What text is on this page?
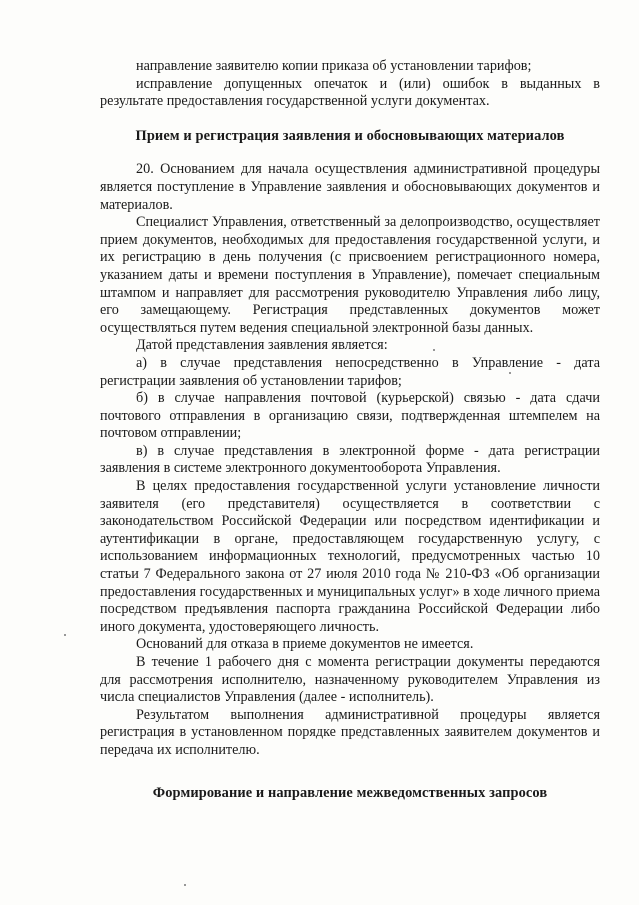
направление заявителю копии приказа об установлении тарифов;

исправление допущенных опечаток и (или) ошибок в выданных в результате предоставления государственной услуги документах.

Прием и регистрация заявления и обосновывающих материалов

20. Основанием для начала осуществления административной процедуры является поступление в Управление заявления и обосновывающих документов и материалов.

Специалист Управления, ответственный за делопроизводство, осуществляет прием документов, необходимых для предоставления государственной услуги, и их регистрацию в день получения (с присвоением регистрационного номера, указанием даты и времени поступления в Управление), помечает специальным штампом и направляет для рассмотрения руководителю Управления либо лицу, его замещающему. Регистрация представленных документов может осуществляться путем ведения специальной электронной базы данных.

Датой представления заявления является:

а) в случае представления непосредственно в Управление - дата регистрации заявления об установлении тарифов;

б) в случае направления почтовой (курьерской) связью - дата сдачи почтового отправления в организацию связи, подтвержденная штемпелем на почтовом отправлении;

в) в случае представления в электронной форме - дата регистрации заявления в системе электронного документооборота Управления.

В целях предоставления государственной услуги установление личности заявителя (его представителя) осуществляется в соответствии с законодательством Российской Федерации или посредством идентификации и аутентификации в органе, предоставляющем государственную услугу, с использованием информационных технологий, предусмотренных частью 10 статьи 7 Федерального закона от 27 июля 2010 года № 210-ФЗ «Об организации предоставления государственных и муниципальных услуг» в ходе личного приема посредством предъявления паспорта гражданина Российской Федерации либо иного документа, удостоверяющего личность.

Оснований для отказа в приеме документов не имеется.

В течение 1 рабочего дня с момента регистрации документы передаются для рассмотрения исполнителю, назначенному руководителем Управления из числа специалистов Управления (далее - исполнитель).

Результатом выполнения административной процедуры является регистрация в установленном порядке представленных заявителем документов и передача их исполнителю.

Формирование и направление межведомственных запросов
